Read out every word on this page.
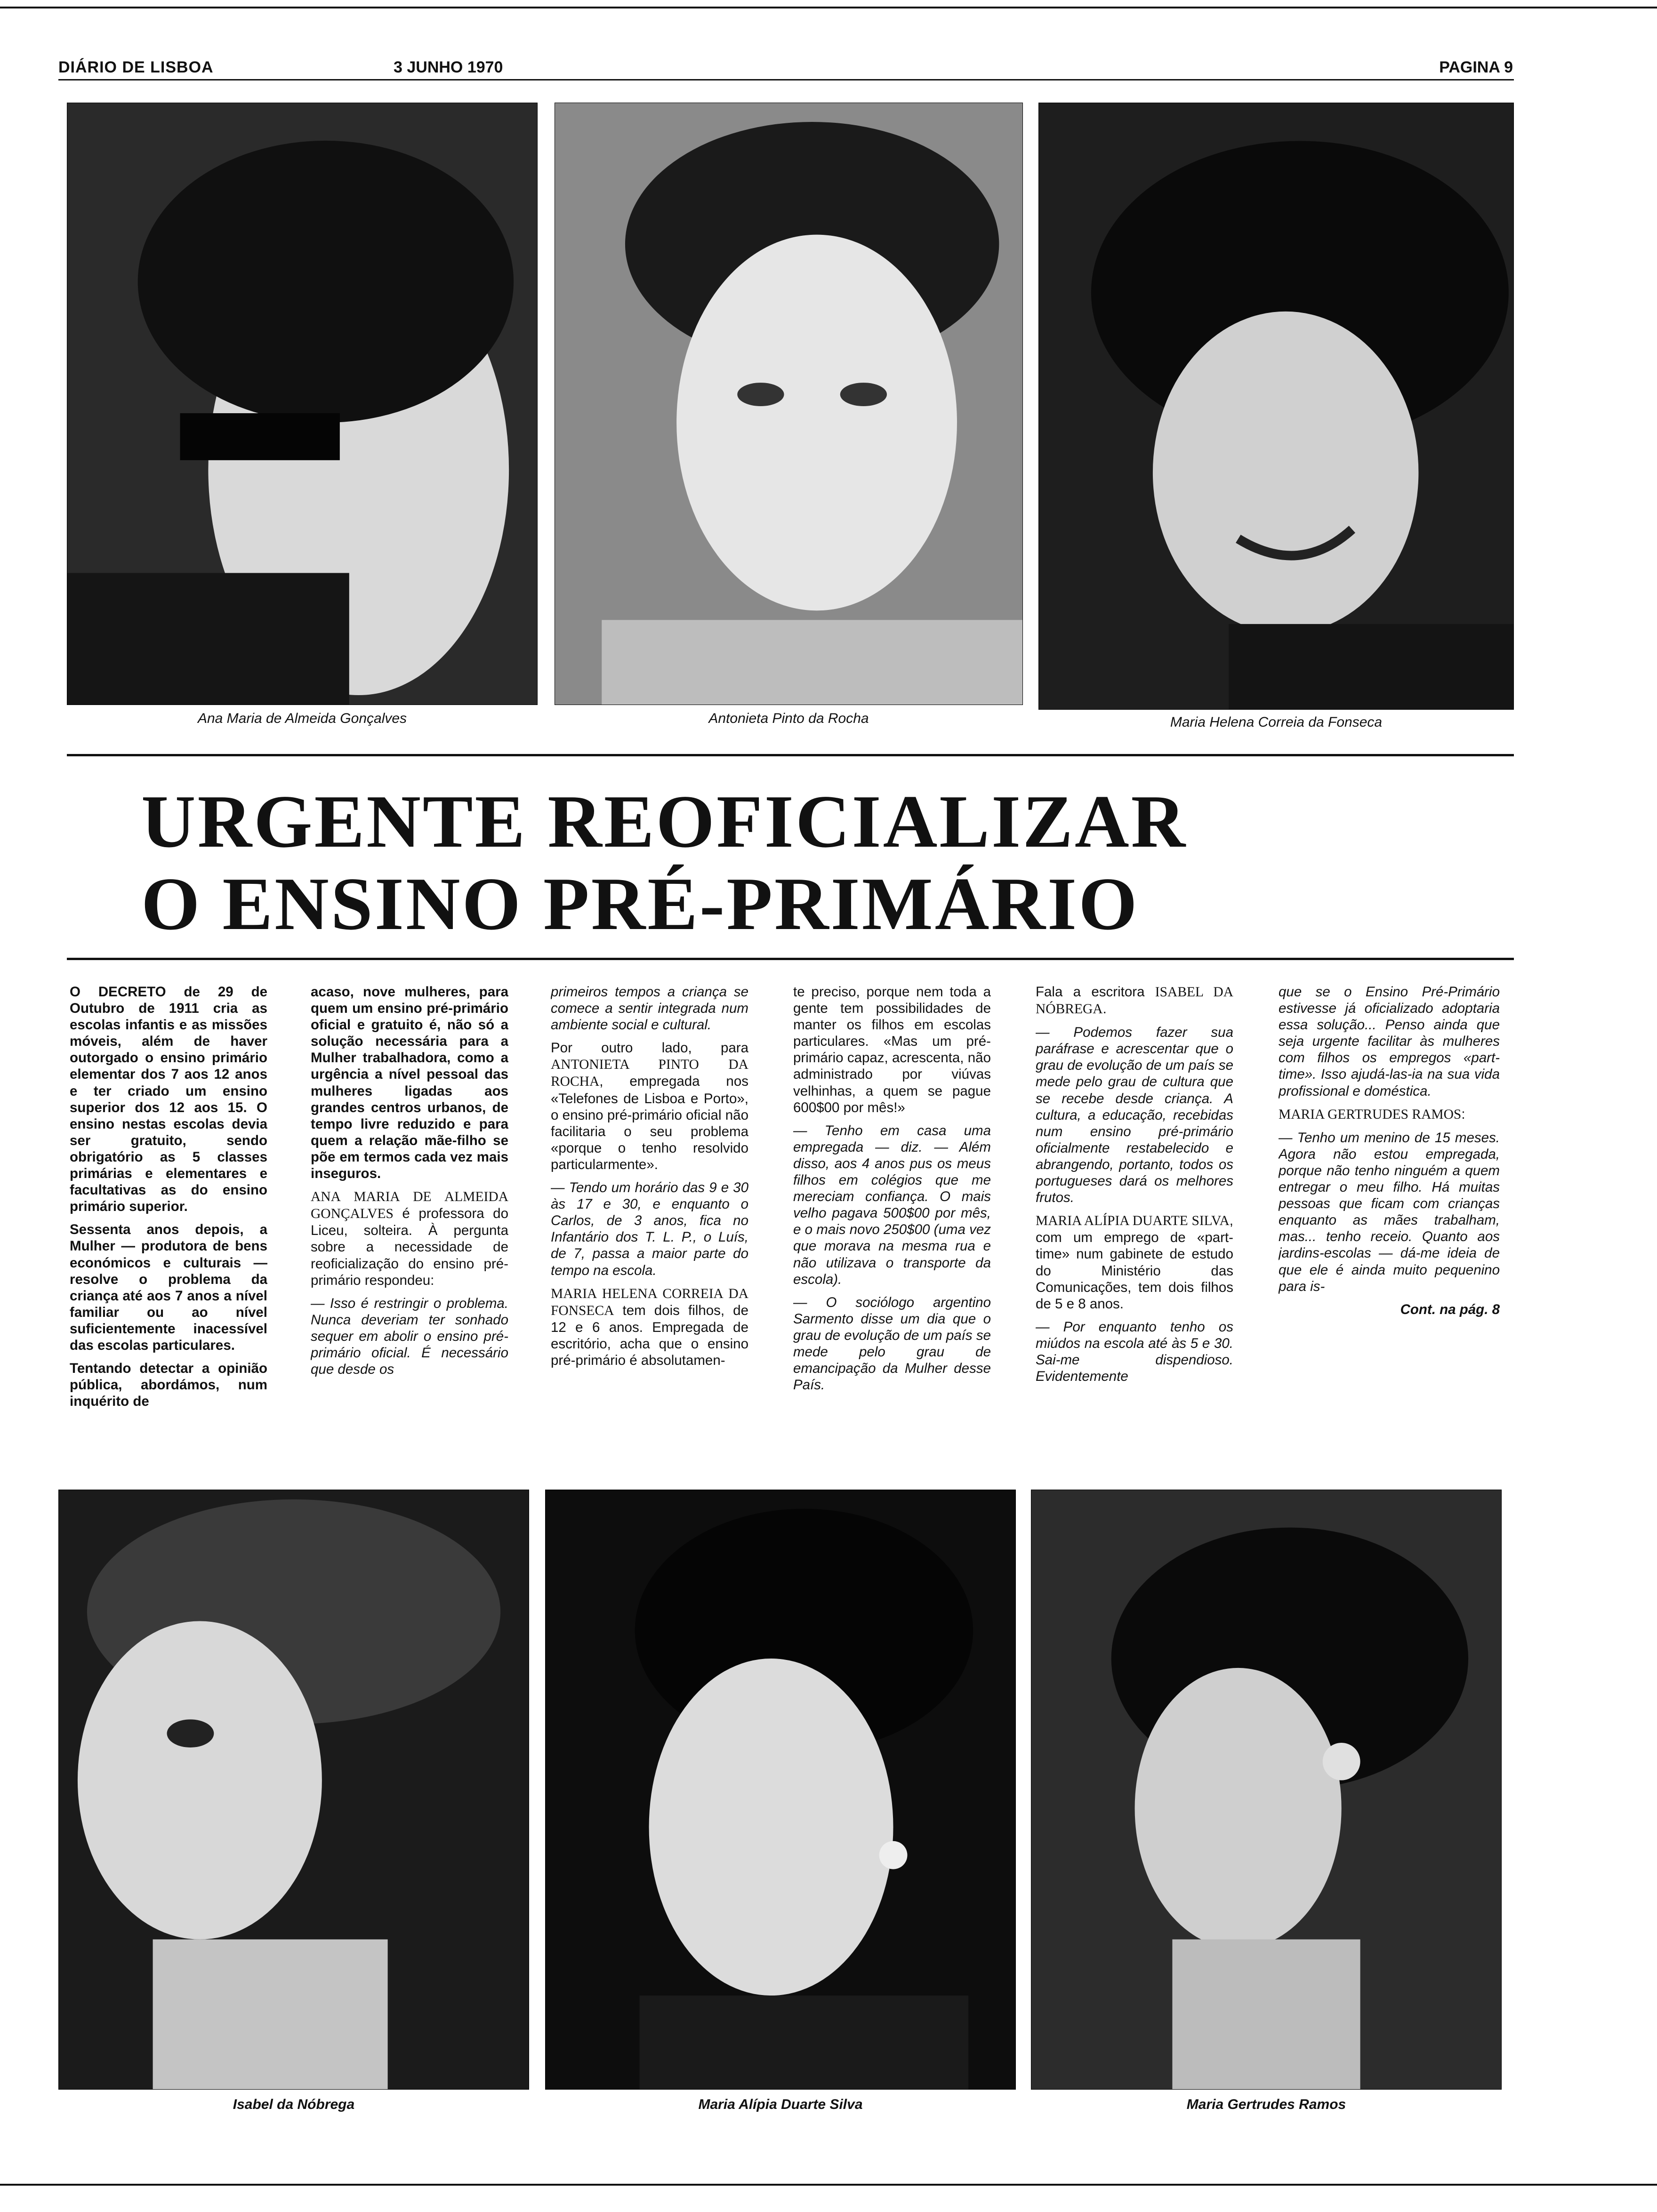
DIÁRIO DE LISBOA	3 JUNHO 1970	PAGINA 9
Ana Maria de Almeida Gonçalves	Antonieta Pinto da Rocha	Maria Helena Correia da Fonseca
URGENTE REOFICIALIZAR
O ENSINO PRÉ-PRIMÁRIO

O DECRETO de 29 de Outubro de 1911 cria as escolas infantis e as missões móveis, além de haver outorgado o ensino primário elementar dos 7 aos 12 anos e ter criado um ensino superior dos 12 aos 15. O ensino nestas escolas devia ser gratuito, sendo obrigatório as 5 classes primárias e elementares e facultativas as do ensino primário superior.

Sessenta anos depois, a Mulher — produtora de bens económicos e culturais — resolve o problema da criança até aos 7 anos a nível familiar ou ao nível suficientemente inacessível das escolas particulares.

Tentando detectar a opinião pública, abordámos, num inquérito de

acaso, nove mulheres, para quem um ensino pré-primário oficial e gratuito é, não só a solução necessária para a Mulher trabalhadora, como a urgência a nível pessoal das mulheres ligadas aos grandes centros urbanos, de tempo livre reduzido e para quem a relação mãe-filho se põe em termos cada vez mais inseguros.

ANA MARIA DE ALMEIDA GONÇALVES é professora do Liceu, solteira. À pergunta sobre a necessidade de reoficialização do ensino pré-primário respondeu:

— Isso é restringir o problema. Nunca deveriam ter sonhado sequer em abolir o ensino pré-primário oficial. É necessário que desde os

primeiros tempos a criança se comece a sentir integrada num ambiente social e cultural.

Por outro lado, para ANTONIETA PINTO DA ROCHA, empregada nos «Telefones de Lisboa e Porto», o ensino pré-primário oficial não facilitaria o seu problema «porque o tenho resolvido particularmente».

— Tendo um horário das 9 e 30 às 17 e 30, e enquanto o Carlos, de 3 anos, fica no Infantário dos T. L. P., o Luís, de 7, passa a maior parte do tempo na escola.

MARIA HELENA CORREIA DA FONSECA tem dois filhos, de 12 e 6 anos. Empregada de escritório, acha que o ensino pré-primário é absolutamen-

te preciso, porque nem toda a gente tem possibilidades de manter os filhos em escolas particulares. «Mas um pré-primário capaz, acrescenta, não administrado por viúvas velhinhas, a quem se pague 600$00 por mês!»

— Tenho em casa uma empregada — diz. — Além disso, aos 4 anos pus os meus filhos em colégios que me mereciam confiança. O mais velho pagava 500$00 por mês, e o mais novo 250$00 (uma vez que morava na mesma rua e não utilizava o transporte da escola).

— O sociólogo argentino Sarmento disse um dia que o grau de evolução de um país se mede pelo grau de emancipação da Mulher desse País.

Fala a escritora ISABEL DA NÓBREGA.

— Podemos fazer sua paráfrase e acrescentar que o grau de evolução de um país se mede pelo grau de cultura que se recebe desde criança. A cultura, a educação, recebidas num ensino pré-primário oficialmente restabelecido e abrangendo, portanto, todos os portugueses dará os melhores frutos.

MARIA ALÍPIA DUARTE SILVA, com um emprego de «part-time» num gabinete de estudo do Ministério das Comunicações, tem dois filhos de 5 e 8 anos.

— Por enquanto tenho os miúdos na escola até às 5 e 30. Sai-me dispendioso. Evidentemente

que se o Ensino Pré-Primário estivesse já oficializado adoptaria essa solução... Penso ainda que seja urgente facilitar às mulheres com filhos os empregos «part-time». Isso ajudá-las-ia na sua vida profissional e doméstica.

MARIA GERTRUDES RAMOS:

— Tenho um menino de 15 meses. Agora não estou empregada, porque não tenho ninguém a quem entregar o meu filho. Há muitas pessoas que ficam com crianças enquanto as mães trabalham, mas... tenho receio. Quanto aos jardins-escolas — dá-me ideia de que ele é ainda muito pequenino para is-

Cont. na pág. 8

Isabel da Nóbrega	Maria Alípia Duarte Silva	Maria Gertrudes Ramos
